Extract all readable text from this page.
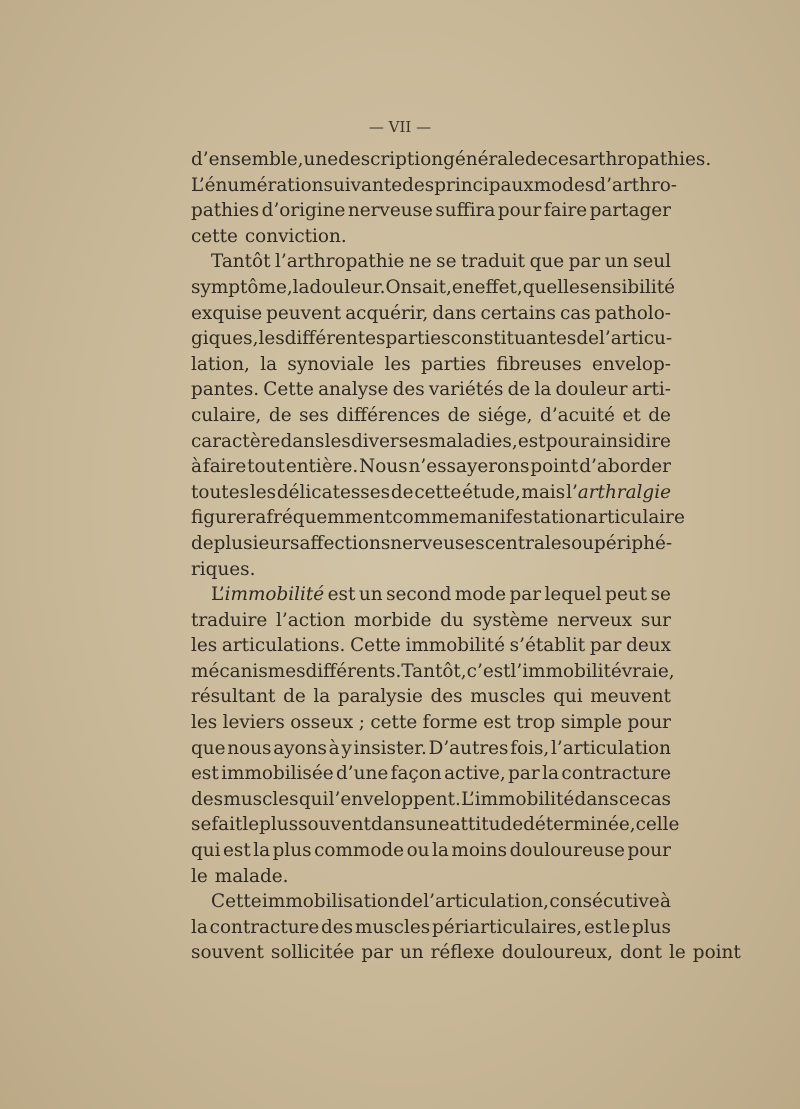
— VII —
d’ensemble, une description générale de ces arthropathies.
L’énumération suivante des principaux modes d’arthro-
pathies d’origine nerveuse suffira pour faire partager
cette conviction.
Tantôt l’arthropathie ne se traduit que par un seul
symptôme, la douleur. On sait, en effet, quelle sensibilité
exquise peuvent acquérir, dans certains cas patholo-
giques, les différentes parties constituantes de l’articu-
lation, la synoviale les parties fibreuses envelop-
pantes. Cette analyse des variétés de la douleur arti-
culaire, de ses différences de siége, d’acuité et de
caractère dans les diverses maladies, est pour ainsi dire
à faire tout entière. Nous n’essayerons point d’aborder
toutes les délicatesses de cette étude, mais l’arthralgie
figurera fréquemment comme manifestation articulaire
de plusieurs affections nerveuses centrales ou périphé-
riques.
L’immobilité est un second mode par lequel peut se
traduire l’action morbide du système nerveux sur
les articulations. Cette immobilité s’établit par deux
mécanismes différents. Tantôt, c’est l’immobilité vraie,
résultant de la paralysie des muscles qui meuvent
les leviers osseux ; cette forme est trop simple pour
que nous ayons à y insister. D’autres fois, l’articulation
est immobilisée d’une façon active, par la contracture
des muscles qui l’enveloppent. L’immobilité dans ce cas
se fait le plus souvent dans une attitude déterminée, celle
qui est la plus commode ou la moins douloureuse pour
le malade.
Cette immobilisation de l’articulation, consécutive à
la contracture des muscles périarticulaires, est le plus
souvent sollicitée par un réflexe douloureux, dont le point
